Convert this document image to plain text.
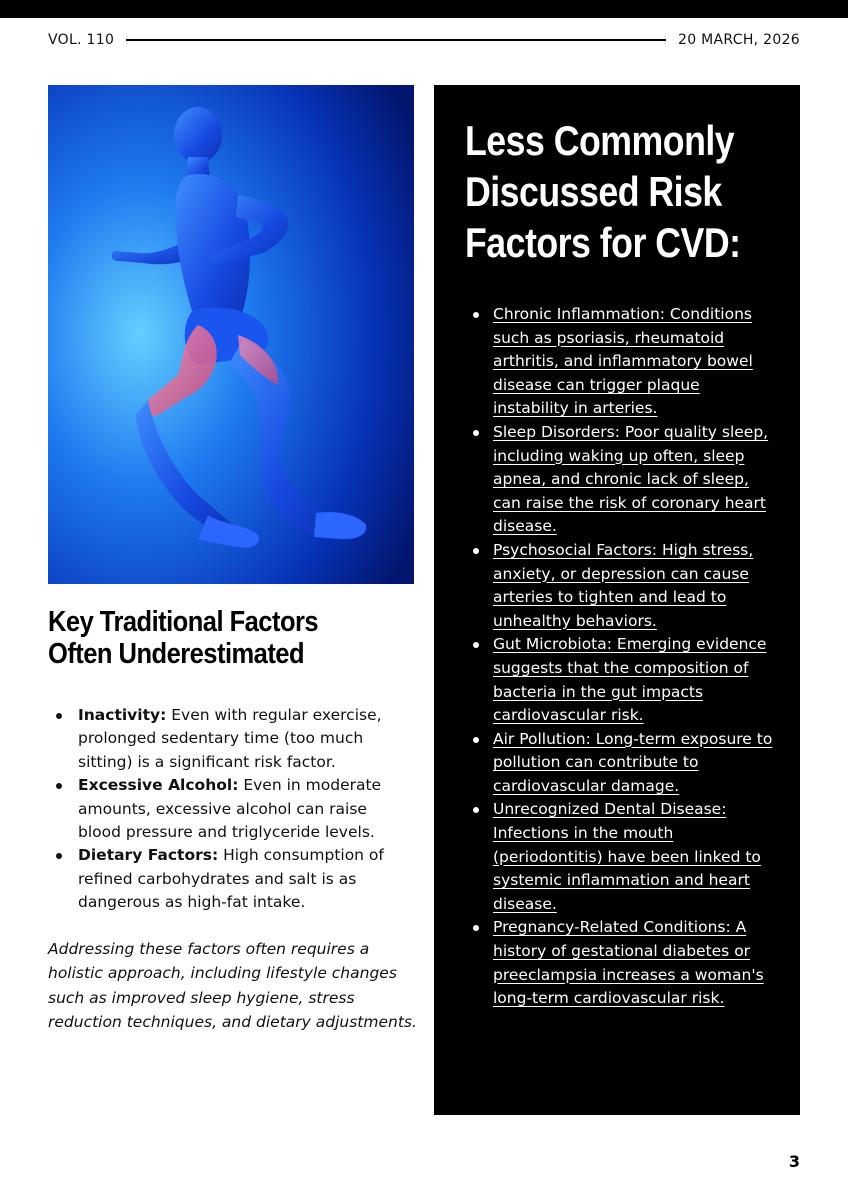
VOL. 110	20 MARCH, 2026
Key Traditional Factors Often Underestimated
Inactivity: Even with regular exercise, prolonged sedentary time (too much sitting) is a significant risk factor.
Excessive Alcohol: Even in moderate amounts, excessive alcohol can raise blood pressure and triglyceride levels.
Dietary Factors: High consumption of refined carbohydrates and salt is as dangerous as high-fat intake.

Addressing these factors often requires a holistic approach, including lifestyle changes such as improved sleep hygiene, stress reduction techniques, and dietary adjustments.

Less Commonly Discussed Risk Factors for CVD:
Chronic Inflammation: Conditions such as psoriasis, rheumatoid arthritis, and inflammatory bowel disease can trigger plaque instability in arteries.
Sleep Disorders: Poor quality sleep, including waking up often, sleep apnea, and chronic lack of sleep, can raise the risk of coronary heart disease.
Psychosocial Factors: High stress, anxiety, or depression can cause arteries to tighten and lead to unhealthy behaviors.
Gut Microbiota: Emerging evidence suggests that the composition of bacteria in the gut impacts cardiovascular risk.
Air Pollution: Long-term exposure to pollution can contribute to cardiovascular damage.
Unrecognized Dental Disease: Infections in the mouth (periodontitis) have been linked to systemic inflammation and heart disease.
Pregnancy-Related Conditions: A history of gestational diabetes or preeclampsia increases a woman's long-term cardiovascular risk.
3
